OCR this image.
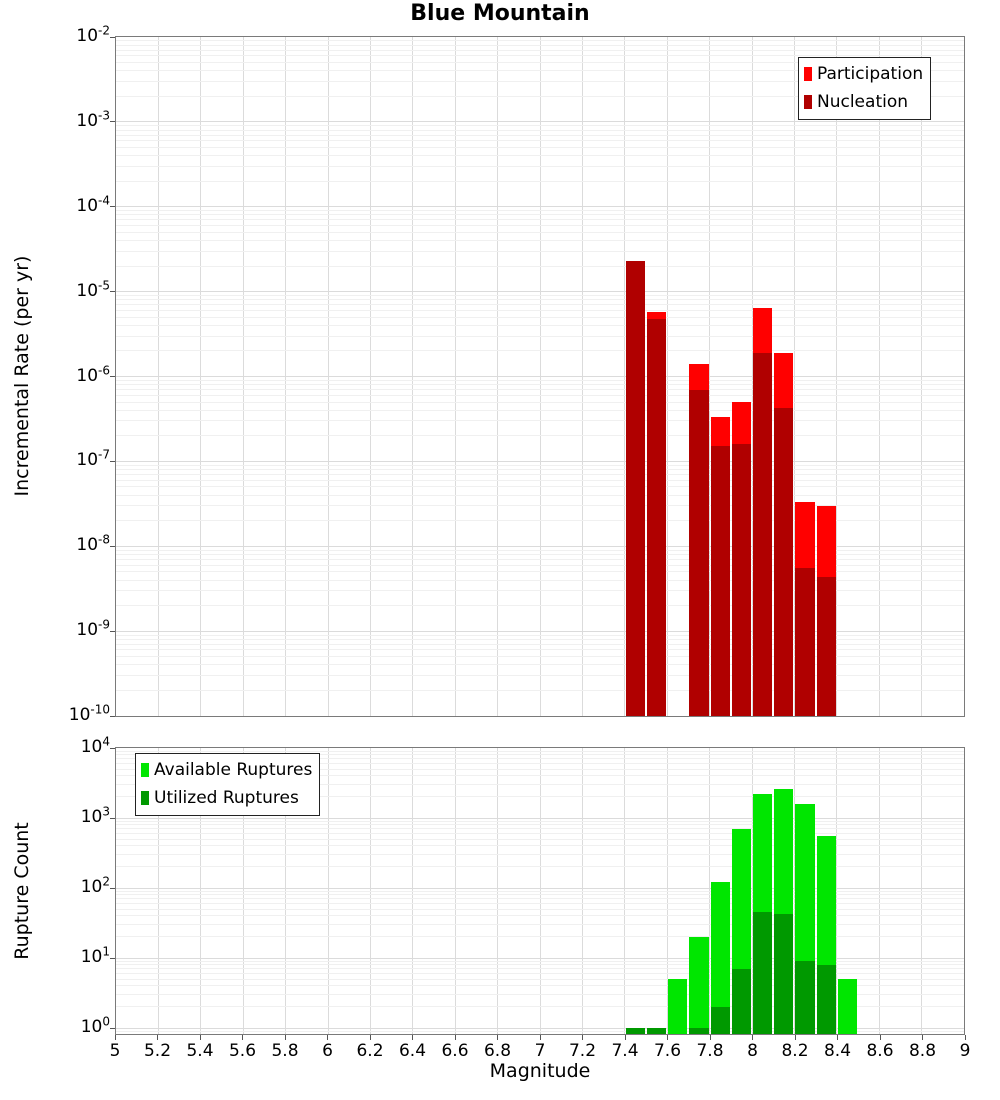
Blue Mountain
Incremental Rate (per yr)
Rupture Count
Magnitude
Participation
Nucleation
Available Ruptures
Utilized Ruptures
$10^{-2}$
$10^{-3}$
$10^{-4}$
$10^{-5}$
$10^{-6}$
$10^{-7}$
$10^{-8}$
$10^{-9}$
$10^{-10}$
$10^4$
$10^3$
$10^2$
$10^1$
$10^0$
5 5.2 5.4 5.6 5.8 6 6.2 6.4 6.6 6.8 7 7.2 7.4 7.6 7.8 8 8.2 8.4 8.6 8.8 9
